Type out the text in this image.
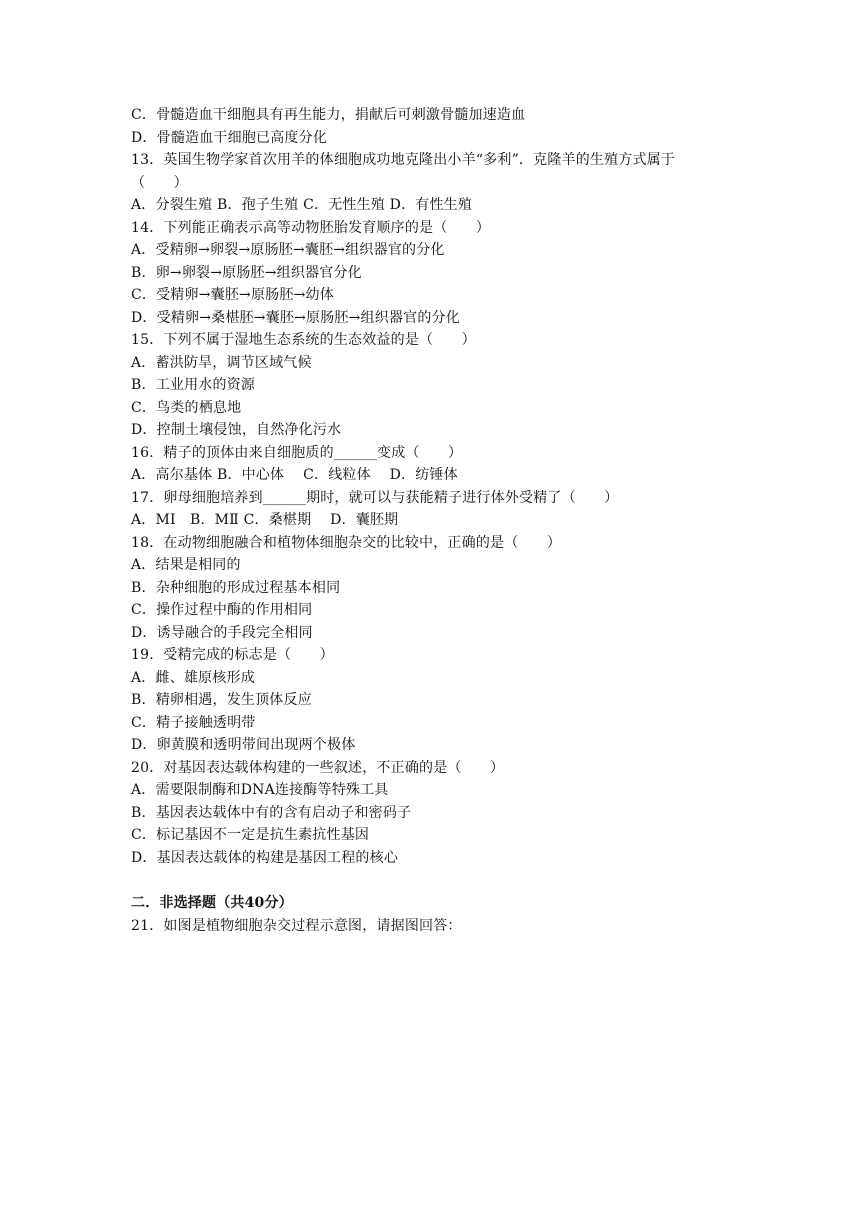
C．骨髓造血干细胞具有再生能力，捐献后可刺激骨髓加速造血
D．骨髓造血干细胞已高度分化
13．英国生物学家首次用羊的体细胞成功地克隆出小羊“多利”．克隆羊的生殖方式属于
（　　）
A．分裂生殖 B．孢子生殖 C．无性生殖 D．有性生殖
14．下列能正确表示高等动物胚胎发育顺序的是（　　）
A．受精卵→卵裂→原肠胚→囊胚→组织器官的分化
B．卵→卵裂→原肠胚→组织器官分化
C．受精卵→囊胚→原肠胚→幼体
D．受精卵→桑椹胚→囊胚→原肠胚→组织器官的分化
15．下列不属于湿地生态系统的生态效益的是（　　）
A．蓄洪防旱，调节区域气候
B．工业用水的资源
C．鸟类的栖息地
D．控制土壤侵蚀，自然净化污水
16．精子的顶体由来自细胞质的______变成（　　）
A．高尔基体 B．中心体　 C．线粒体　 D．纺锤体
17．卵母细胞培养到______期时，就可以与获能精子进行体外受精了（　　）
A．MⅠ　B．MⅡ C．桑椹期　 D．囊胚期
18．在动物细胞融合和植物体细胞杂交的比较中，正确的是（　　）
A．结果是相同的
B．杂种细胞的形成过程基本相同
C．操作过程中酶的作用相同
D．诱导融合的手段完全相同
19．受精完成的标志是（　　）
A．雌、雄原核形成
B．精卵相遇，发生顶体反应
C．精子接触透明带
D．卵黄膜和透明带间出现两个极体
20．对基因表达载体构建的一些叙述，不正确的是（　　）
A．需要限制酶和DNA连接酶等特殊工具
B．基因表达载体中有的含有启动子和密码子
C．标记基因不一定是抗生素抗性基因
D．基因表达载体的构建是基因工程的核心
二．非选择题（共40分）
21．如图是植物细胞杂交过程示意图，请据图回答：
